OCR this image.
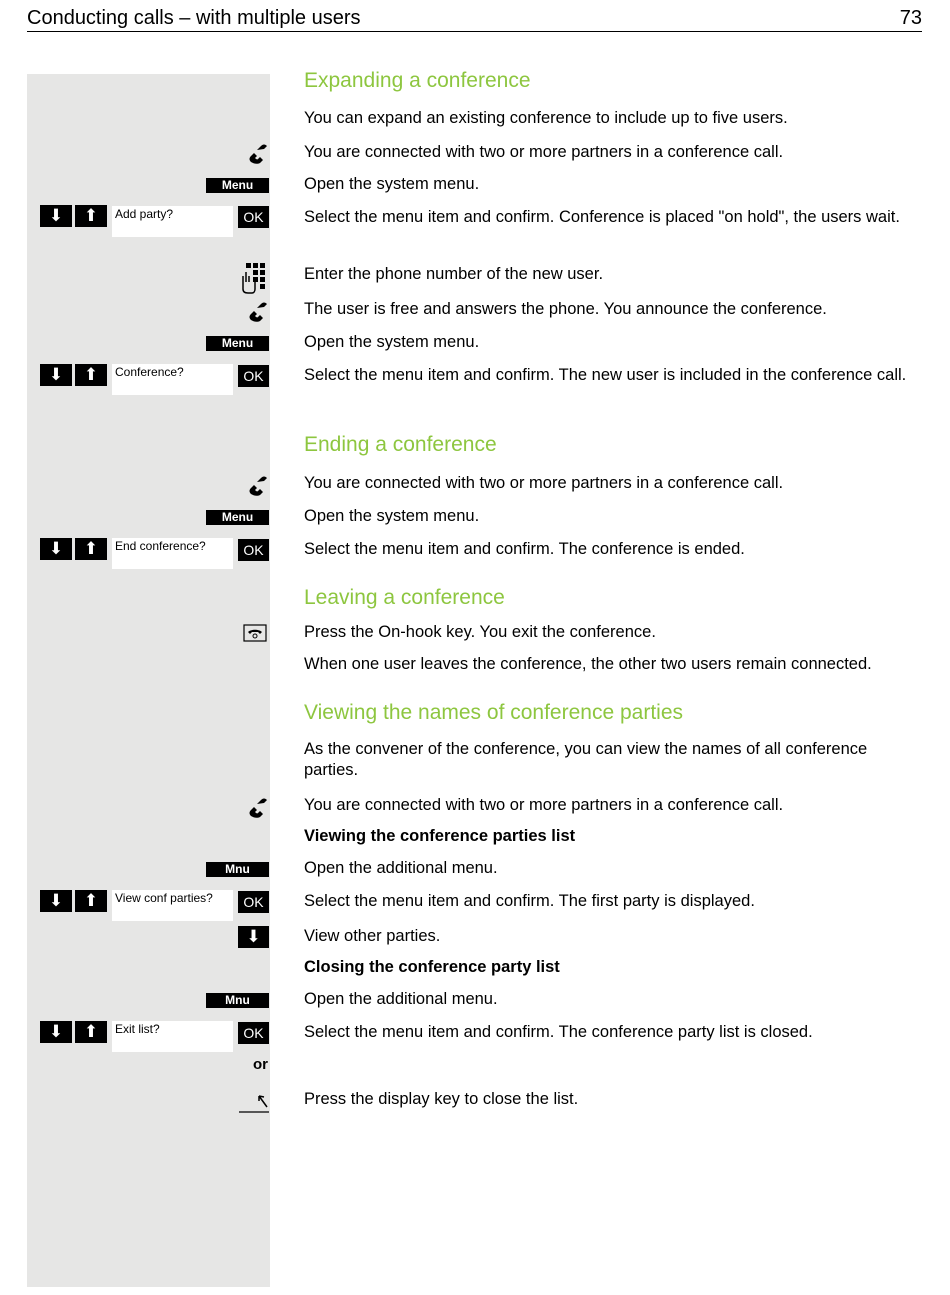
Conducting calls – with multiple users	73
Expanding a conference
You can expand an existing conference to include up to five users.
You are connected with two or more partners in a conference call.
Menu	Open the system menu.
⬇	⬆	Add party?	OK	Select the menu item and confirm. Conference is placed "on hold", the users wait.
Enter the phone number of the new user.
The user is free and answers the phone. You announce the conference.
Menu	Open the system menu.
⬇	⬆	Conference?	OK	Select the menu item and confirm. The new user is included in the conference call.
Ending a conference
You are connected with two or more partners in a conference call.
Menu	Open the system menu.
⬇	⬆	End conference?	OK	Select the menu item and confirm. The conference is ended.
Leaving a conference
Press the On-hook key. You exit the conference.
When one user leaves the conference, the other two users remain connected.
Viewing the names of conference parties
As the convener of the conference, you can view the names of all conference parties.
You are connected with two or more partners in a conference call.
Viewing the conference parties list
Mnu	Open the additional menu.
⬇	⬆	View conf parties?	OK	Select the menu item and confirm. The first party is displayed.
⬇	View other parties.
Closing the conference party list
Mnu	Open the additional menu.
⬇	⬆	Exit list?	OK	Select the menu item and confirm. The conference party list is closed.
or
Press the display key to close the list.
